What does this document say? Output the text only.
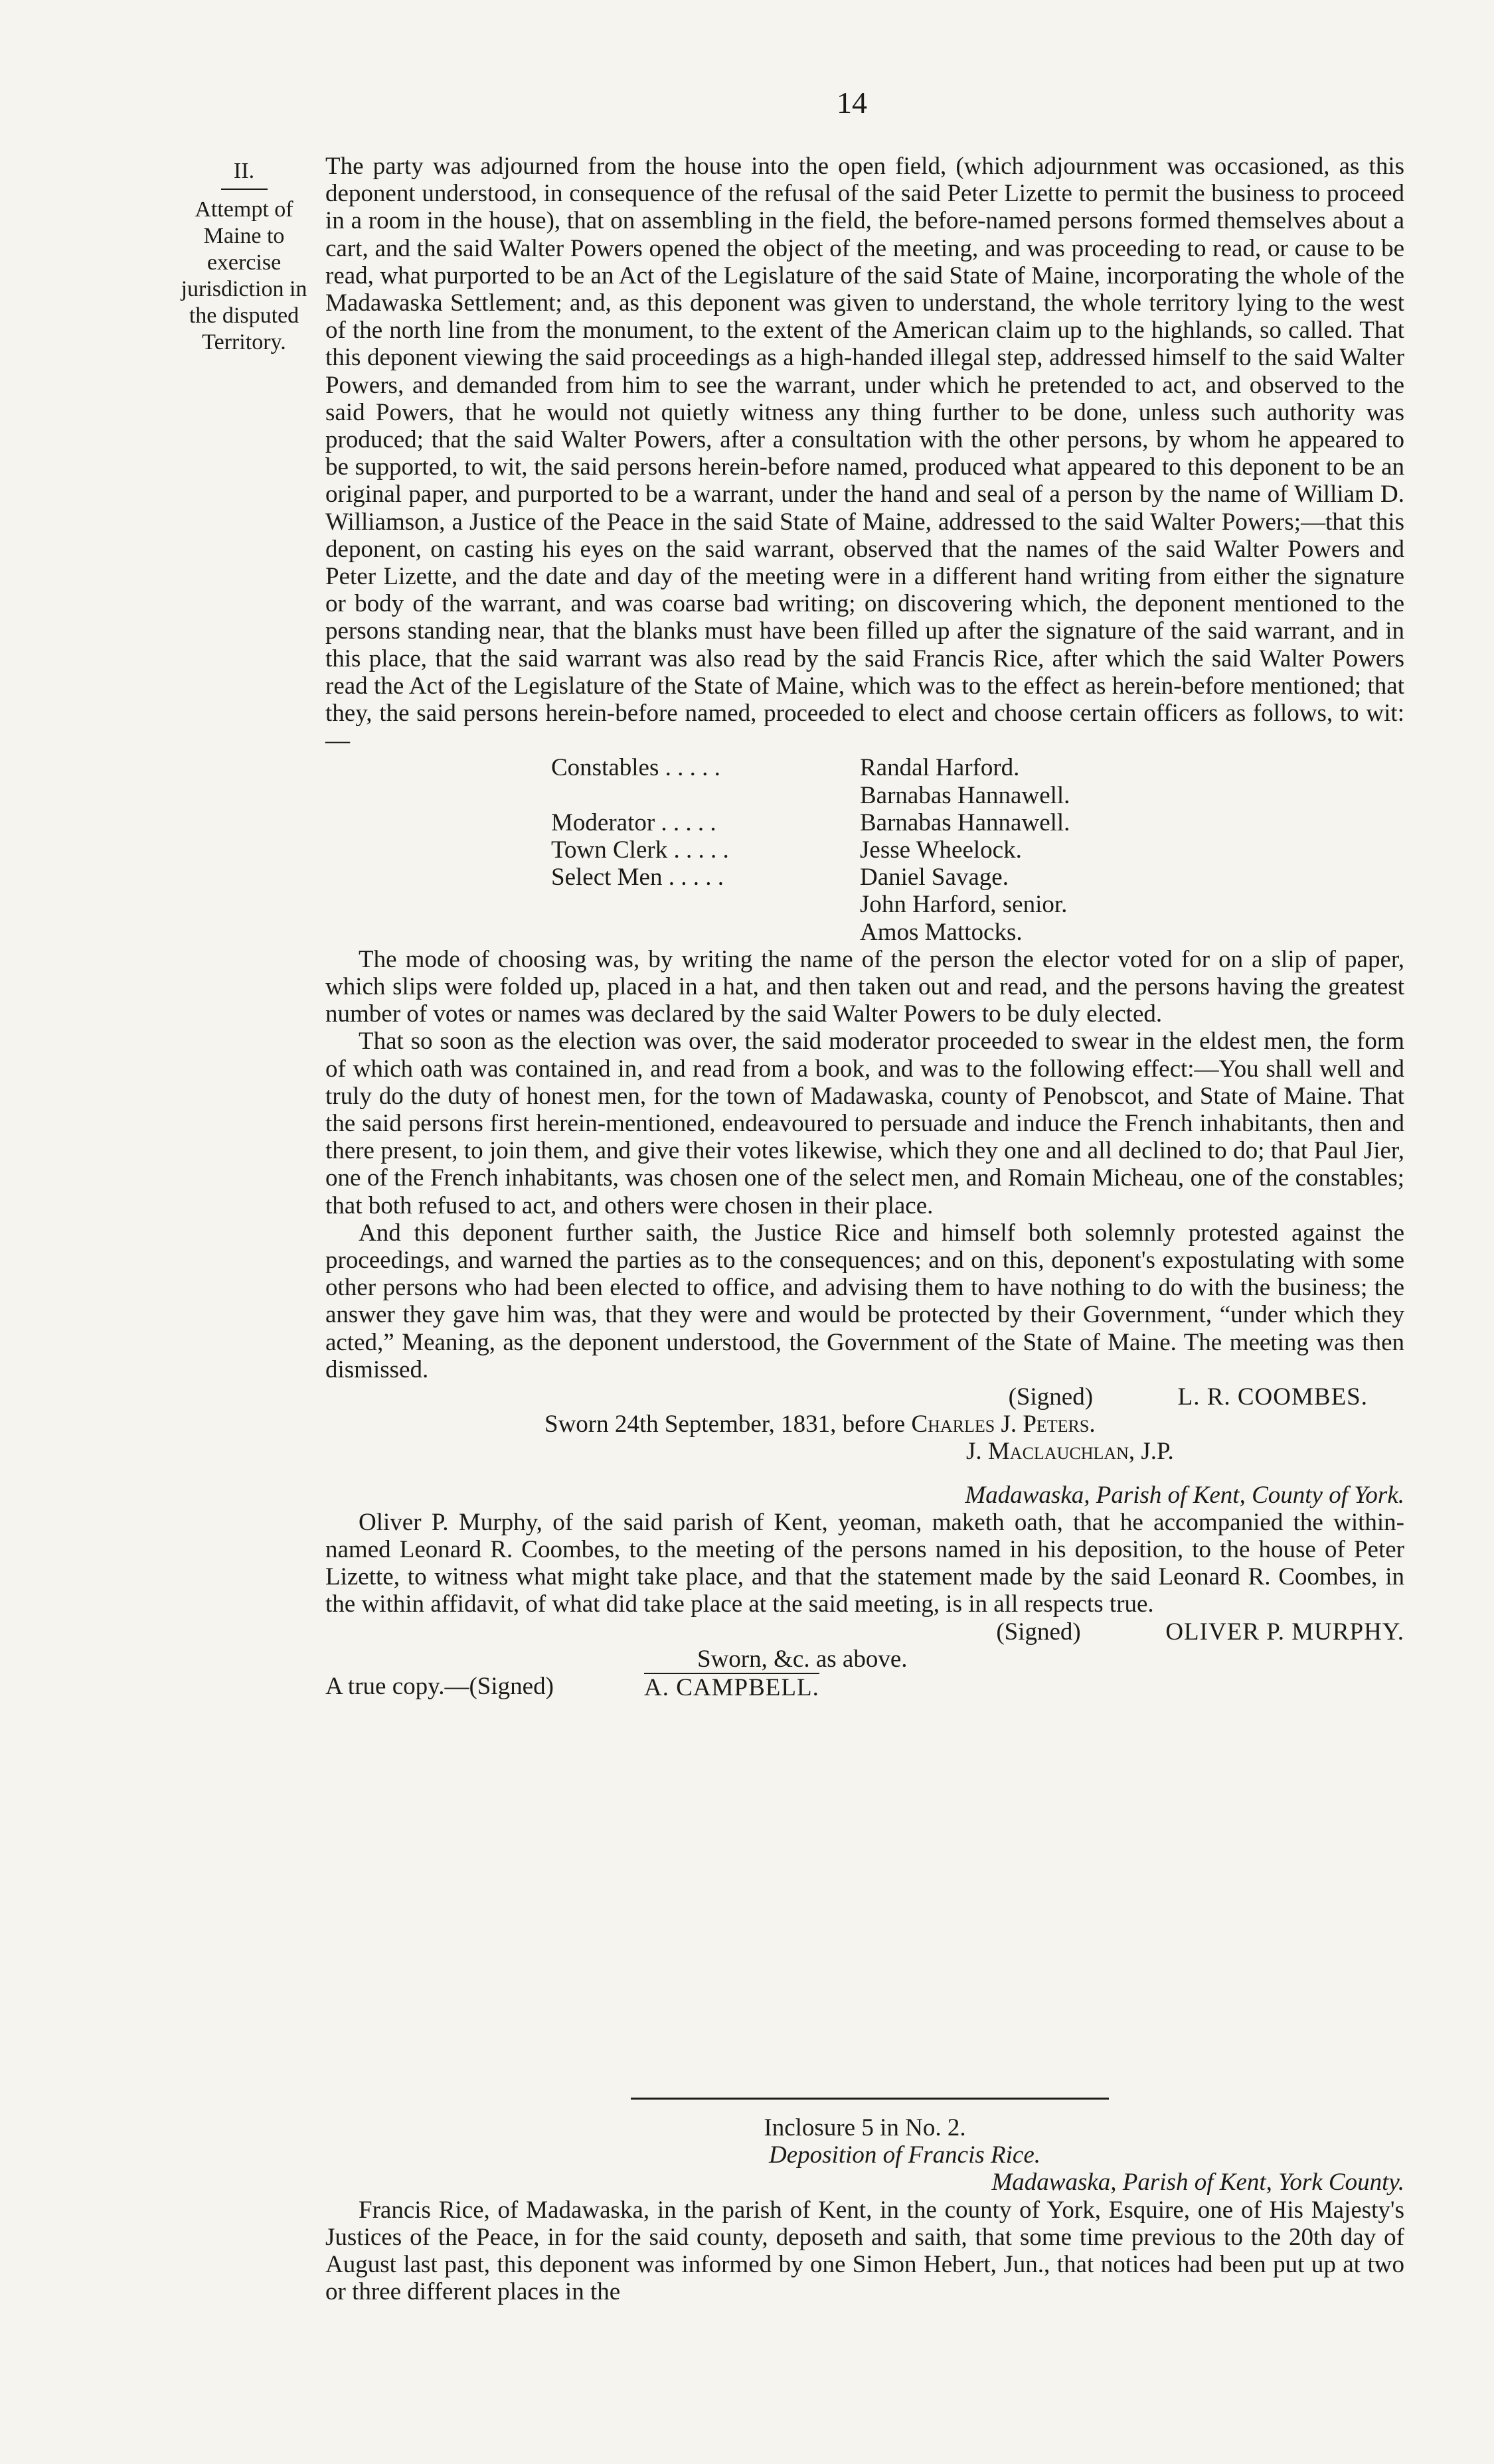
14
II.
Attempt of Maine to exercise jurisdiction in the disputed Territory.

The party was adjourned from the house into the open field, (which adjournment was occasioned, as this deponent understood, in consequence of the refusal of the said Peter Lizette to permit the business to proceed in a room in the house), that on assembling in the field, the before-named persons formed themselves about a cart, and the said Walter Powers opened the object of the meeting, and was proceeding to read, or cause to be read, what purported to be an Act of the Legislature of the said State of Maine, incorporating the whole of the Madawaska Settlement; and, as this deponent was given to understand, the whole territory lying to the west of the north line from the monument, to the extent of the American claim up to the highlands, so called. That this deponent viewing the said proceedings as a high-handed illegal step, addressed himself to the said Walter Powers, and demanded from him to see the warrant, under which he pretended to act, and observed to the said Powers, that he would not quietly witness any thing further to be done, unless such authority was produced; that the said Walter Powers, after a consultation with the other persons, by whom he appeared to be supported, to wit, the said persons herein-before named, produced what appeared to this deponent to be an original paper, and purported to be a warrant, under the hand and seal of a person by the name of William D. Williamson, a Justice of the Peace in the said State of Maine, addressed to the said Walter Powers;—that this deponent, on casting his eyes on the said warrant, observed that the names of the said Walter Powers and Peter Lizette, and the date and day of the meeting were in a different hand writing from either the signature or body of the warrant, and was coarse bad writing; on discovering which, the deponent mentioned to the persons standing near, that the blanks must have been filled up after the signature of the said warrant, and in this place, that the said warrant was also read by the said Francis Rice, after which the said Walter Powers read the Act of the Legislature of the State of Maine, which was to the effect as herein-before mentioned; that they, the said persons herein-before named, proceeded to elect and choose certain officers as follows, to wit:—

Constables . . . . .	Randal Harford.
Barnabas Hannawell.
Moderator . . . . .	Barnabas Hannawell.
Town Clerk . . . . .	Jesse Wheelock.
Select Men . . . . .	Daniel Savage.
John Harford, senior.
Amos Mattocks.

The mode of choosing was, by writing the name of the person the elector voted for on a slip of paper, which slips were folded up, placed in a hat, and then taken out and read, and the persons having the greatest number of votes or names was declared by the said Walter Powers to be duly elected.

That so soon as the election was over, the said moderator proceeded to swear in the eldest men, the form of which oath was contained in, and read from a book, and was to the following effect:—You shall well and truly do the duty of honest men, for the town of Madawaska, county of Penobscot, and State of Maine. That the said persons first herein-mentioned, endeavoured to persuade and induce the French inhabitants, then and there present, to join them, and give their votes likewise, which they one and all declined to do; that Paul Jier, one of the French inhabitants, was chosen one of the select men, and Romain Micheau, one of the constables; that both refused to act, and others were chosen in their place.

And this deponent further saith, the Justice Rice and himself both solemnly protested against the proceedings, and warned the parties as to the consequences; and on this, deponent's expostulating with some other persons who had been elected to office, and advising them to have nothing to do with the business; the answer they gave him was, that they were and would be protected by their Government, “under which they acted,” Meaning, as the deponent understood, the Government of the State of Maine. The meeting was then dismissed.

(Signed)	L. R. COOMBES.
Sworn 24th September, 1831, before Charles J. Peters.
J. Maclauchlan, J.P.
Madawaska, Parish of Kent, County of York.

Oliver P. Murphy, of the said parish of Kent, yeoman, maketh oath, that he accompanied the within-named Leonard R. Coombes, to the meeting of the persons named in his deposition, to the house of Peter Lizette, to witness what might take place, and that the statement made by the said Leonard R. Coombes, in the within affidavit, of what did take place at the said meeting, is in all respects true.

(Signed)	OLIVER P. MURPHY.
Sworn, &c. as above.
A true copy.—(Signed)	A. CAMPBELL.
Inclosure 5 in No. 2.
Deposition of Francis Rice.
Madawaska, Parish of Kent, York County.

Francis Rice, of Madawaska, in the parish of Kent, in the county of York, Esquire, one of His Majesty's Justices of the Peace, in for the said county, deposeth and saith, that some time previous to the 20th day of August last past, this deponent was informed by one Simon Hebert, Jun., that notices had been put up at two or three different places in the
